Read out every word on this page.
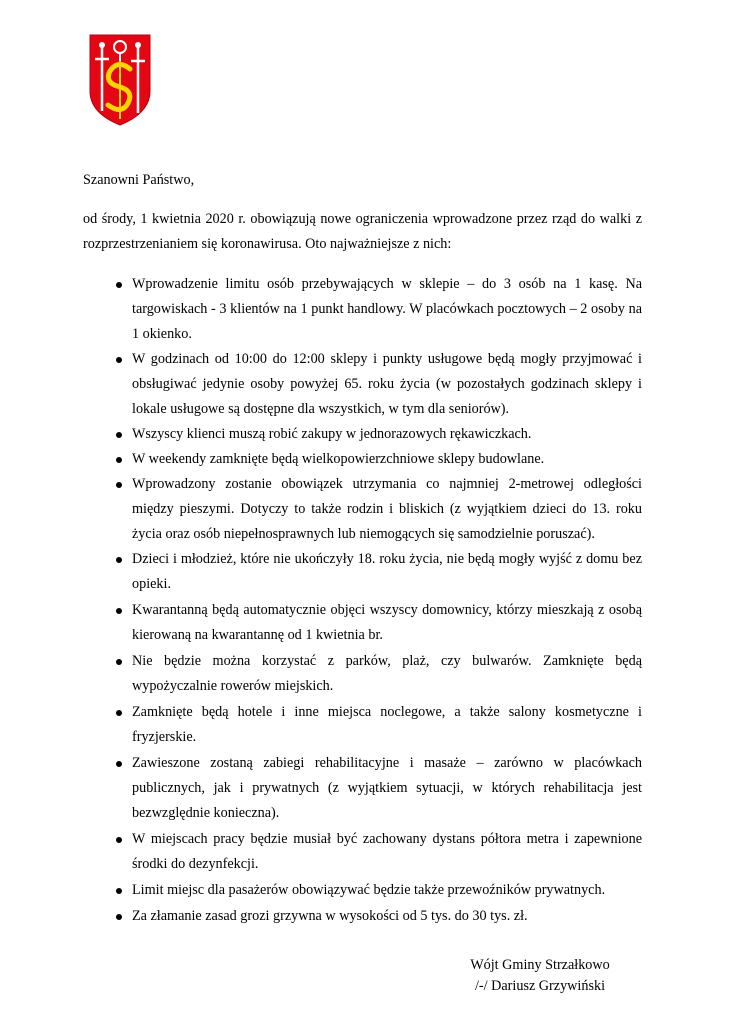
Szanowni Państwo,

od środy, 1 kwietnia 2020 r. obowiązują nowe ograniczenia wprowadzone przez rząd do walki z rozprzestrzenianiem się koronawirusa. Oto najważniejsze z nich:

Wprowadzenie limitu osób przebywających w sklepie – do 3 osób na 1 kasę. Na targowiskach - 3 klientów na 1 punkt handlowy. W placówkach pocztowych – 2 osoby na 1 okienko.
W godzinach od 10:00 do 12:00 sklepy i punkty usługowe będą mogły przyjmować i obsługiwać jedynie osoby powyżej 65. roku życia (w pozostałych godzinach sklepy i lokale usługowe są dostępne dla wszystkich, w tym dla seniorów).
Wszyscy klienci muszą robić zakupy w jednorazowych rękawiczkach.
W weekendy zamknięte będą wielkopowierzchniowe sklepy budowlane.
Wprowadzony zostanie obowiązek utrzymania co najmniej 2-metrowej odległości między pieszymi. Dotyczy to także rodzin i bliskich (z wyjątkiem dzieci do 13. roku życia oraz osób niepełnosprawnych lub niemogących się samodzielnie poruszać).
Dzieci i młodzież, które nie ukończyły 18. roku życia, nie będą mogły wyjść z domu bez opieki.
Kwarantanną będą automatycznie objęci wszyscy domownicy, którzy mieszkają z osobą kierowaną na kwarantannę od 1 kwietnia br.
Nie będzie można korzystać z parków, plaż, czy bulwarów. Zamknięte będą wypożyczalnie rowerów miejskich.
Zamknięte będą hotele i inne miejsca noclegowe, a także salony kosmetyczne i fryzjerskie.
Zawieszone zostaną zabiegi rehabilitacyjne i masaże – zarówno w placówkach publicznych, jak i prywatnych (z wyjątkiem sytuacji, w których rehabilitacja jest bezwzględnie konieczna).
W miejscach pracy będzie musiał być zachowany dystans półtora metra i zapewnione środki do dezynfekcji.
Limit miejsc dla pasażerów obowiązywać będzie także przewoźników prywatnych.
Za złamanie zasad grozi grzywna w wysokości od 5 tys. do 30 tys. zł.
Wójt Gminy Strzałkowo
/-/ Dariusz Grzywiński
